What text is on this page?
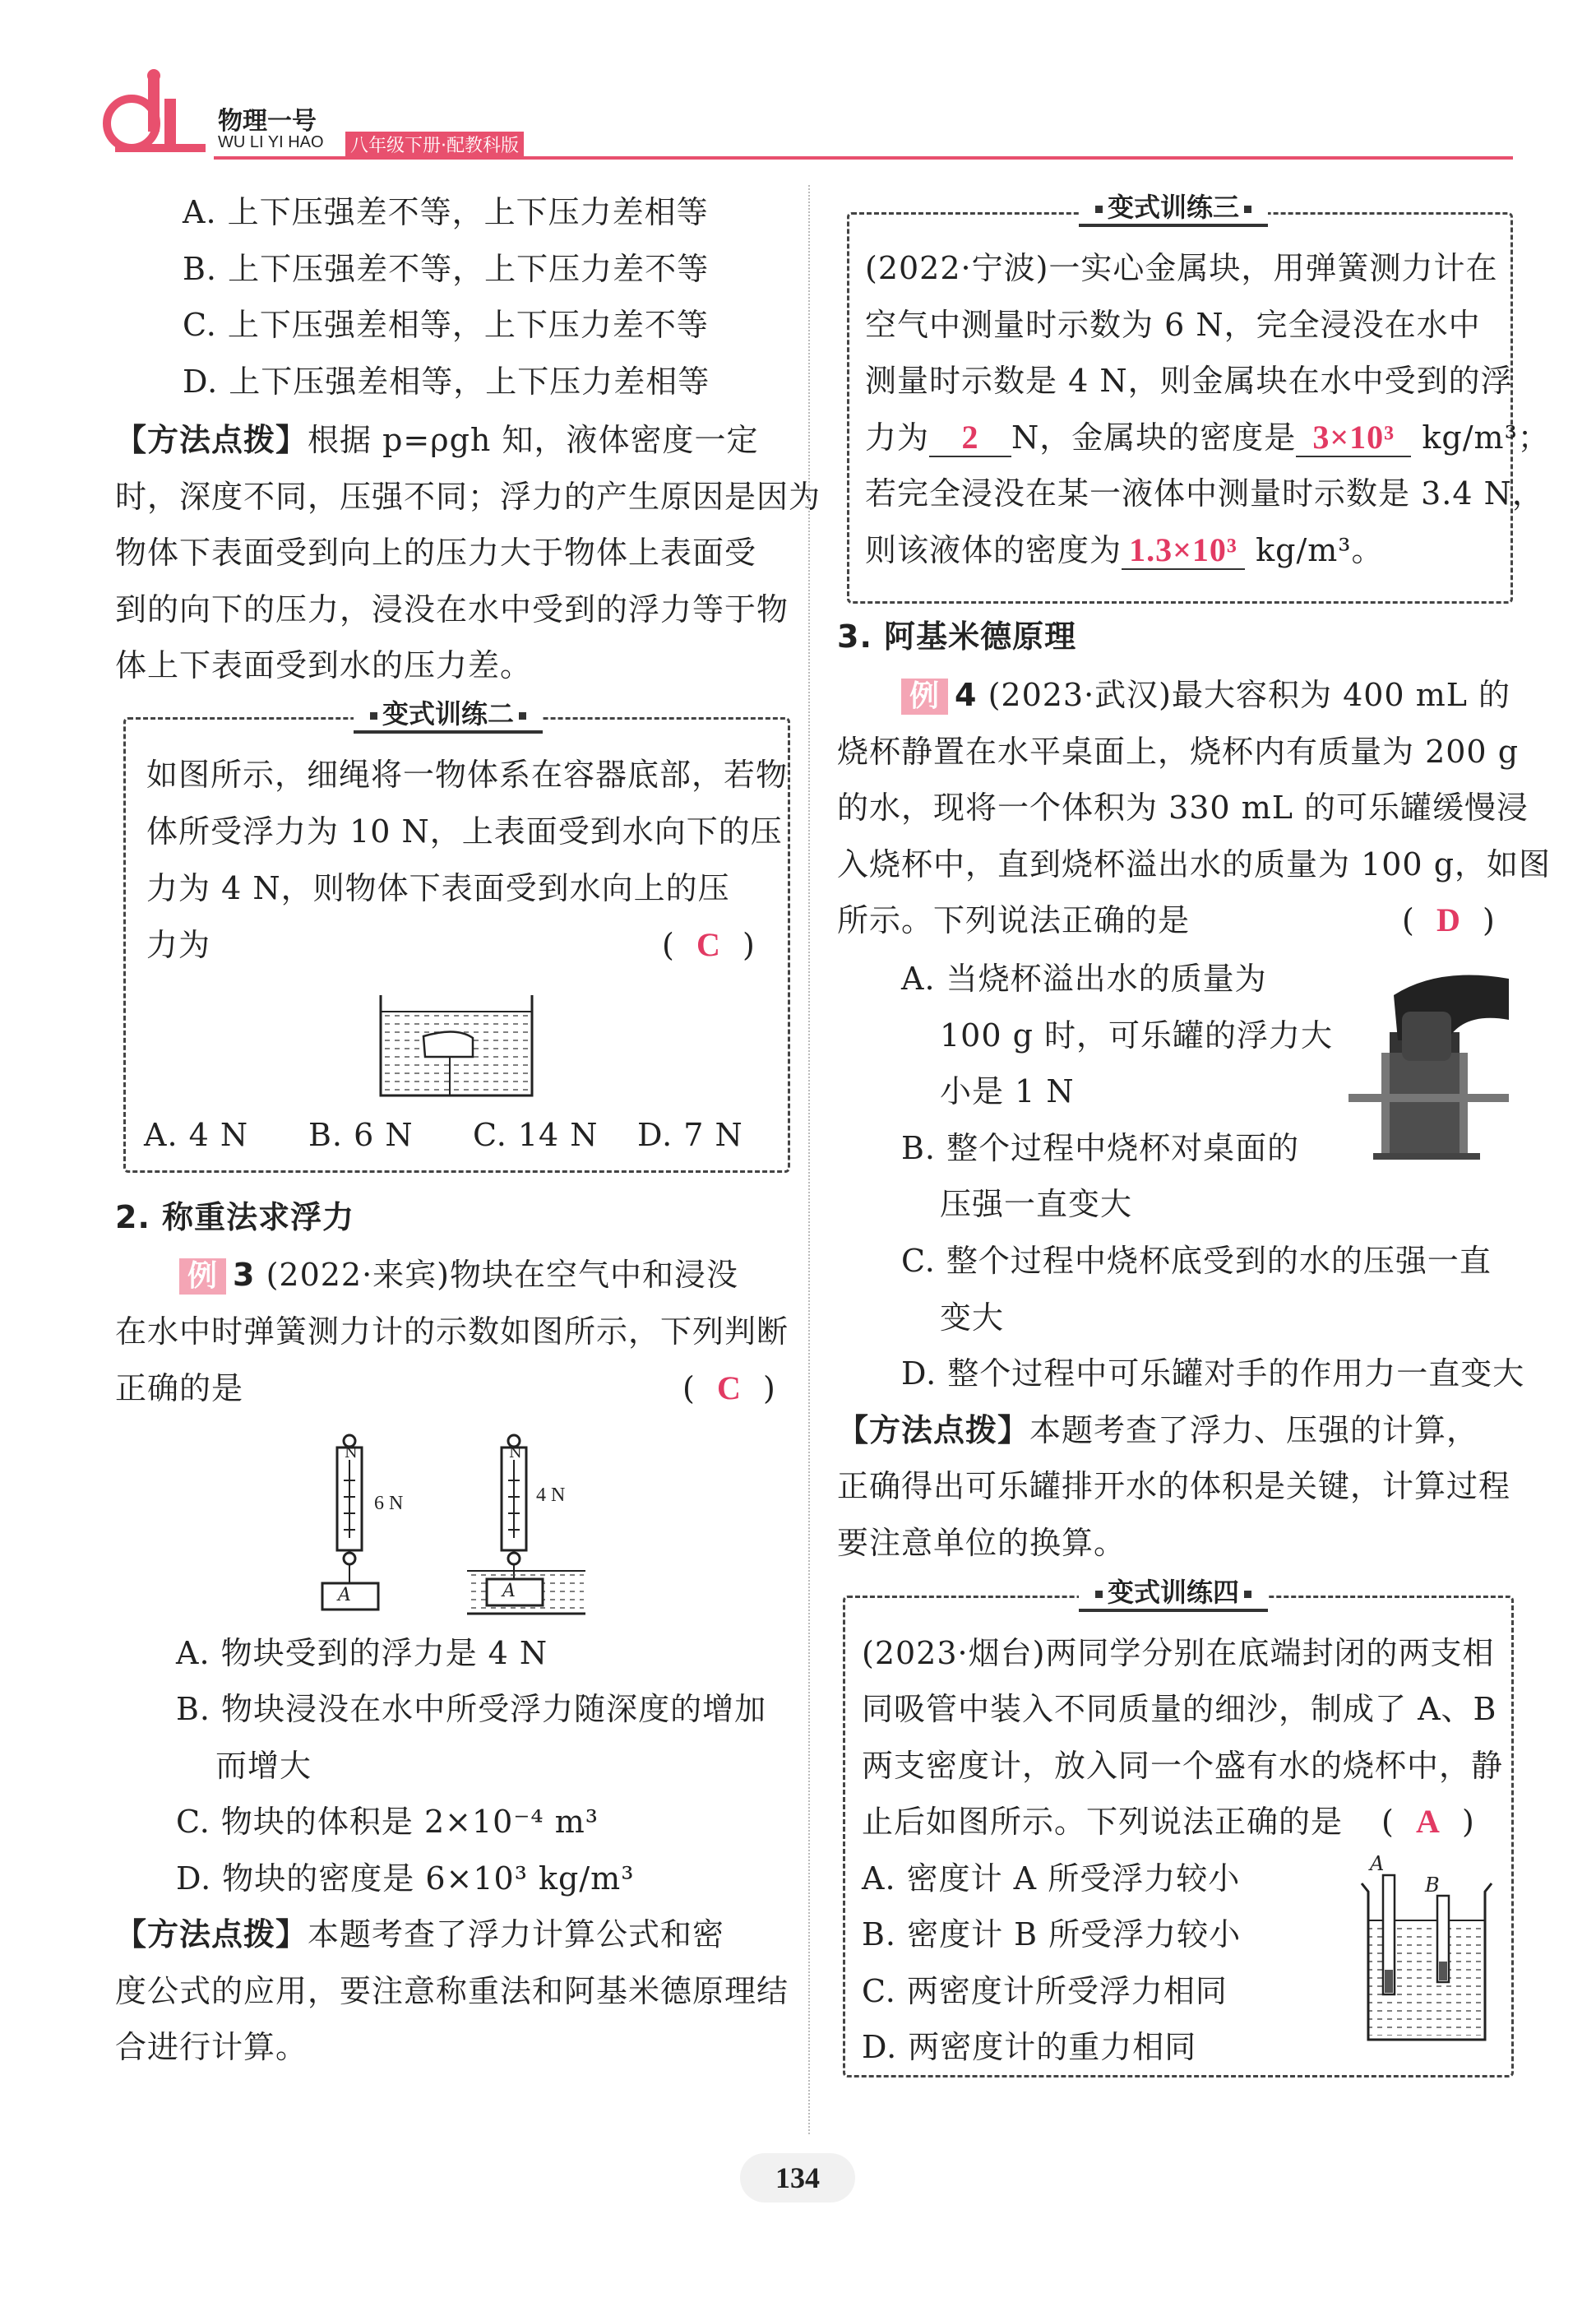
物理一号
WU LI YI HAO 八年级下册·配教科版
A. 上下压强差不等，上下压力差相等
B. 上下压强差不等，上下压力差不等
C. 上下压强差相等，上下压力差不等
D. 上下压强差相等，上下压力差相等
【方法点拨】根据 p=ρgh 知，液体密度一定
时，深度不同，压强不同；浮力的产生原因是因为
物体下表面受到向上的压力大于物体上表面受
到的向下的压力，浸没在水中受到的浮力等于物
体上下表面受到水的压力差。
变式训练二
如图所示，细绳将一物体系在容器底部，若物
体所受浮力为 10 N，上表面受到水向下的压
力为 4 N，则物体下表面受到水向上的压
力为	(  C  )
A. 4 N B. 6 N C. 14 N D. 7 N
2. 称重法求浮力
例 3 (2022·来宾)物块在空气中和浸没
在水中时弹簧测力计的示数如图所示，下列判断
正确的是	(  C  )
N	N
6 N	4 N
A	A
A. 物块受到的浮力是 4 N
B. 物块浸没在水中所受浮力随深度的增加
而增大
C. 物块的体积是 2×10⁻⁴ m³
D. 物块的密度是 6×10³ kg/m³
【方法点拨】本题考查了浮力计算公式和密
度公式的应用，要注意称重法和阿基米德原理结
合进行计算。
变式训练三
(2022·宁波)一实心金属块，用弹簧测力计在
空气中测量时示数为 6 N，完全浸没在水中
测量时示数是 4 N，则金属块在水中受到的浮
力为 2 N，金属块的密度是 3×10³ kg/m³；
若完全浸没在某一液体中测量时示数是 3.4 N，
则该液体的密度为 1.3×10³ kg/m³。
3. 阿基米德原理
例 4 (2023·武汉)最大容积为 400 mL 的
烧杯静置在水平桌面上，烧杯内有质量为 200 g
的水，现将一个体积为 330 mL 的可乐罐缓慢浸
入烧杯中，直到烧杯溢出水的质量为 100 g，如图
所示。下列说法正确的是	(  D  )
A. 当烧杯溢出水的质量为
100 g 时，可乐罐的浮力大
小是 1 N
B. 整个过程中烧杯对桌面的
压强一直变大
C. 整个过程中烧杯底受到的水的压强一直
变大
D. 整个过程中可乐罐对手的作用力一直变大
【方法点拨】本题考查了浮力、压强的计算，
正确得出可乐罐排开水的体积是关键，计算过程
要注意单位的换算。
变式训练四
(2023·烟台)两同学分别在底端封闭的两支相
同吸管中装入不同质量的细沙，制成了 A、B
两支密度计，放入同一个盛有水的烧杯中，静
止后如图所示。下列说法正确的是 (  A  )
A
B
A. 密度计 A 所受浮力较小
B. 密度计 B 所受浮力较小
C. 两密度计所受浮力相同
D. 两密度计的重力相同
134
